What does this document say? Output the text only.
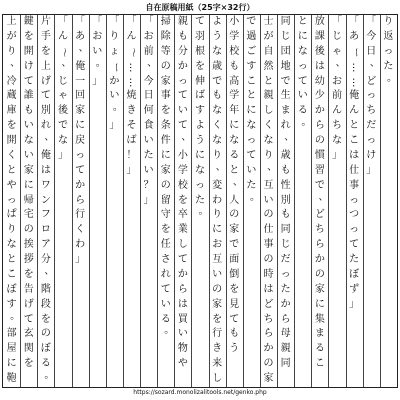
自在原稿用紙（25字×32行）
り
返
っ
た
。
「
今
日
、
ど
っ
ち
だ
っ
け
」
「
あ
ー
…
…
俺
ん
と
こ
は
仕
事
っ
つ
っ
て
た
ぼ
ず
」
「
じ
ゃ
、
お
前
ん
ち
な
」
放
課
後
は
幼
少
か
ら
の
慣
習
で
、
ど
ち
ら
か
の
家
に
集
ま
る
こ
と
に
な
っ
て
い
る
。
同
じ
団
地
で
生
ま
れ
、
歳
も
性
別
も
同
じ
だ
っ
た
か
ら
母
親
同
士
が
自
然
と
親
し
く
な
り
、
互
い
の
仕
事
の
時
は
ど
ち
ら
か
の
家
で
過
ご
す
こ
と
に
な
っ
て
い
た
。
小
学
校
も
高
学
年
に
な
る
と
、
人
の
家
で
面
倒
を
見
て
も
う
よ
う
な
歳
で
も
な
く
な
り
、
変
わ
り
に
お
互
い
の
家
を
行
き
来
し
て
羽
根
を
伸
ば
す
よ
う
に
な
っ
た
。
親
も
分
か
っ
て
い
て
、
小
学
校
を
卒
業
し
て
か
ら
は
買
い
物
や
掃
除
等
の
家
事
を
条
件
に
家
の
留
守
を
任
さ
れ
て
い
る
。
「
お
前
、
今
日
何
食
い
た
い
？
」
「
ん
～
…
…
焼
き
そ
ば
！
」
「
り
ょ
ー
か
い
。
」
「
お
い
。
」
「
あ
、
俺
一
回
家
に
戻
っ
て
か
ら
行
く
わ
」
「
ん
～
、
じ
ゃ
後
で
な
」
片
手
を
上
げ
て
別
れ
、
俺
は
ワ
ン
フ
ロ
ア
分
、
階
段
を
の
ぼ
る
。
鍵
を
開
け
て
誰
も
い
な
い
家
に
帰
宅
の
挨
拶
を
告
げ
て
玄
関
を
上
が
り
、
冷
蔵
庫
を
開
く
と
や
っ
ぱ
り
な
と
こ
ぼ
す
。
部
屋
に
鞄
https://sozard.monolizalitools.net/genko.php
